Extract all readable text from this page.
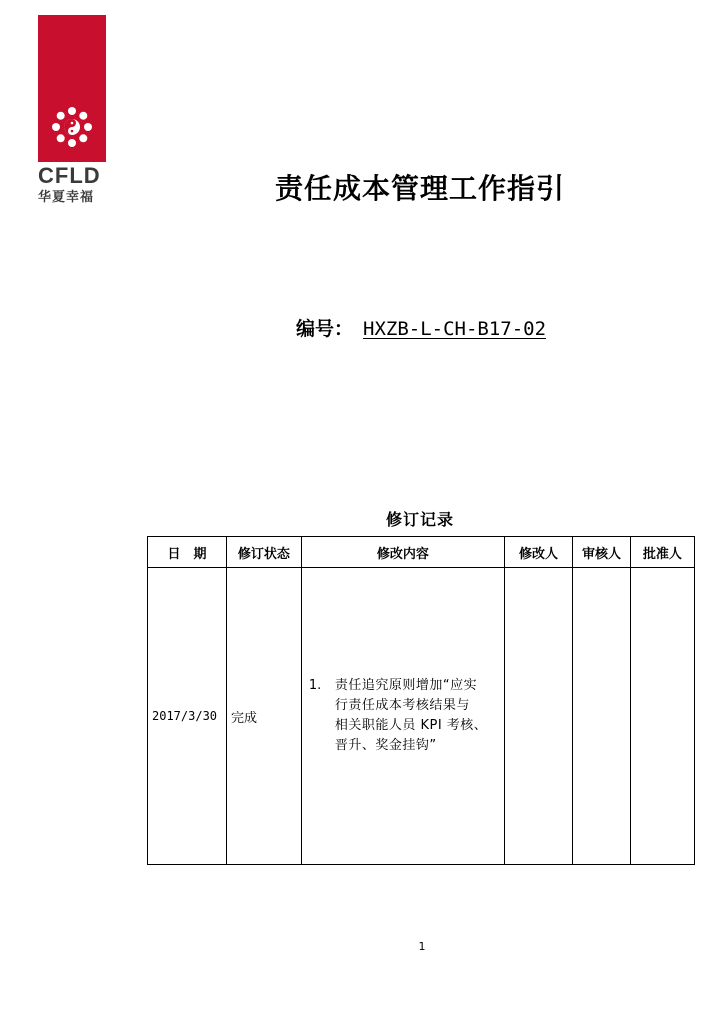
CFLD
华夏幸福	责任成本管理工作指引
编号： HXZB-L-CH-B17-02
修订记录
日　期	修订状态	修改内容	修改人	审核人	批准人
2017/3/30	完成	1. 责任追究原则增加“应实
行责任成本考核结果与
相关职能人员 KPI 考核、
晋升、奖金挂钩”			

1
